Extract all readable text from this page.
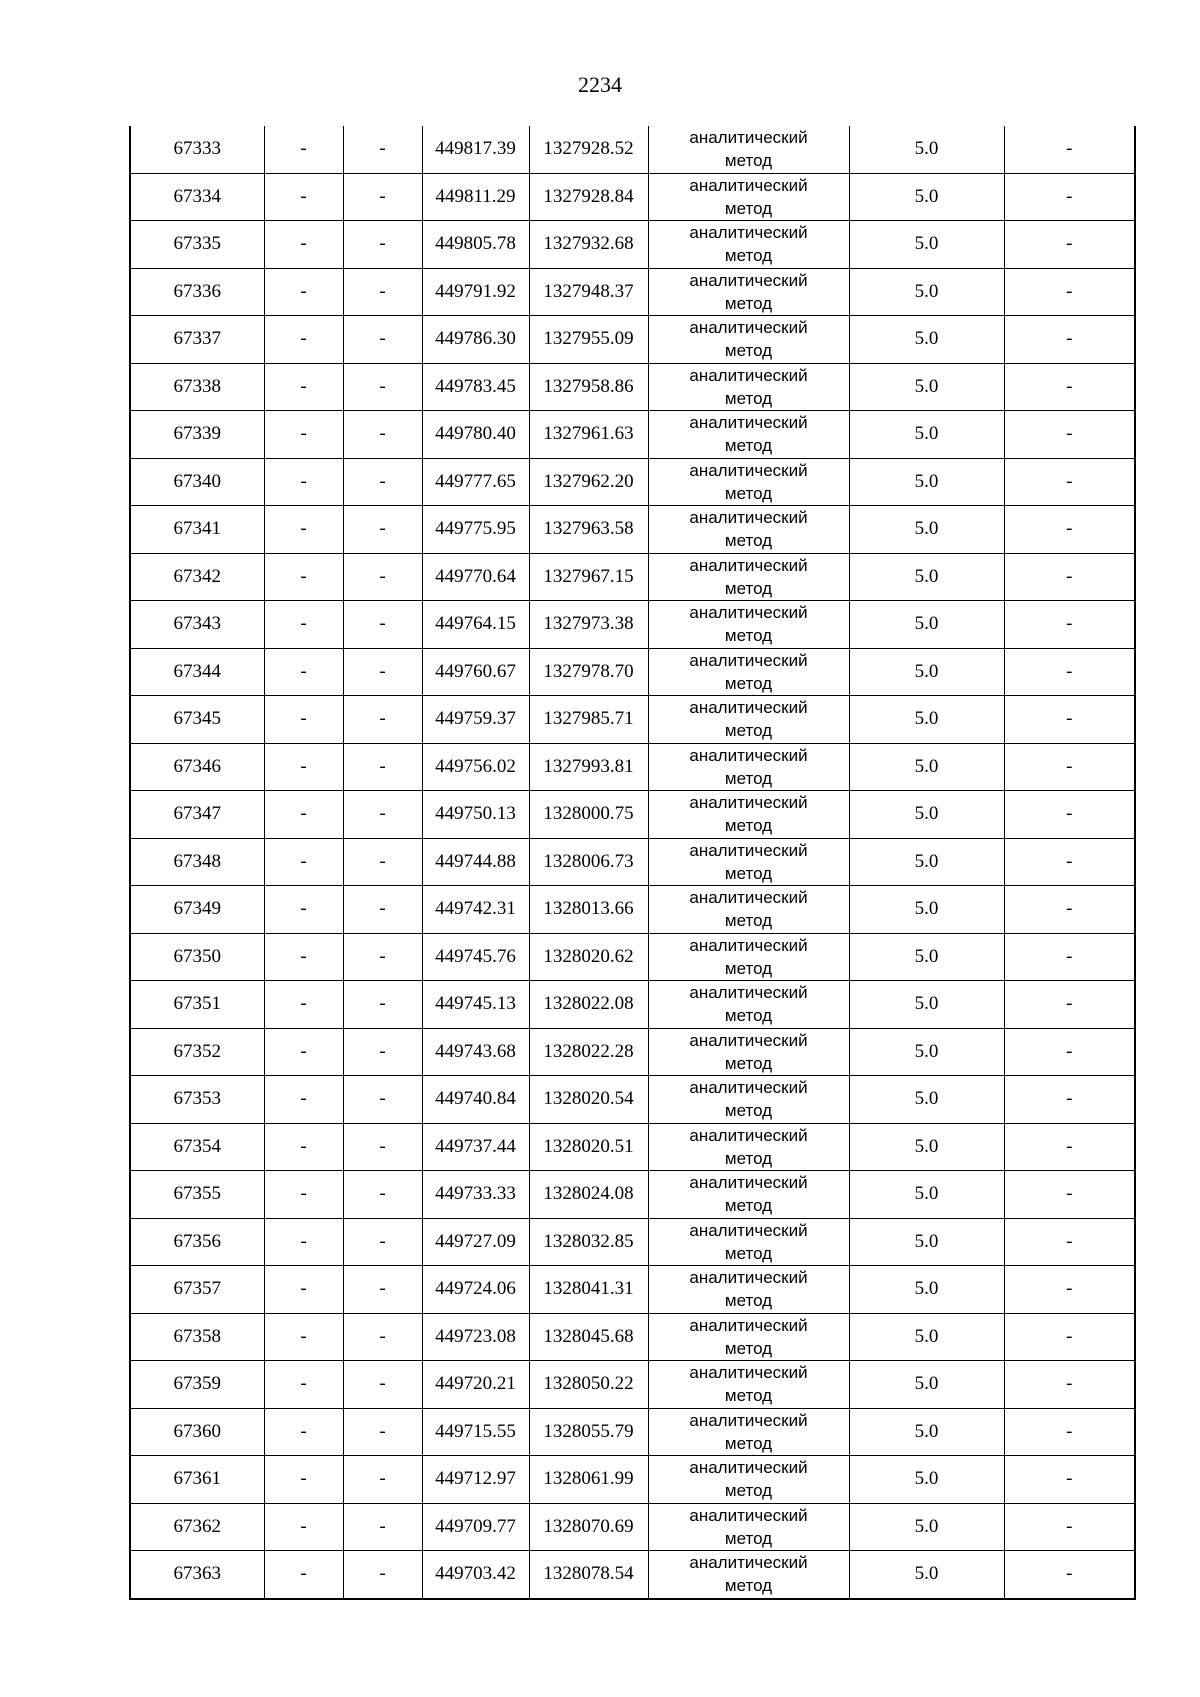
2234
67333	-	-	449817.39	1327928.52	аналитический
метод	5.0	-
67334	-	-	449811.29	1327928.84	аналитический
метод	5.0	-
67335	-	-	449805.78	1327932.68	аналитический
метод	5.0	-
67336	-	-	449791.92	1327948.37	аналитический
метод	5.0	-
67337	-	-	449786.30	1327955.09	аналитический
метод	5.0	-
67338	-	-	449783.45	1327958.86	аналитический
метод	5.0	-
67339	-	-	449780.40	1327961.63	аналитический
метод	5.0	-
67340	-	-	449777.65	1327962.20	аналитический
метод	5.0	-
67341	-	-	449775.95	1327963.58	аналитический
метод	5.0	-
67342	-	-	449770.64	1327967.15	аналитический
метод	5.0	-
67343	-	-	449764.15	1327973.38	аналитический
метод	5.0	-
67344	-	-	449760.67	1327978.70	аналитический
метод	5.0	-
67345	-	-	449759.37	1327985.71	аналитический
метод	5.0	-
67346	-	-	449756.02	1327993.81	аналитический
метод	5.0	-
67347	-	-	449750.13	1328000.75	аналитический
метод	5.0	-
67348	-	-	449744.88	1328006.73	аналитический
метод	5.0	-
67349	-	-	449742.31	1328013.66	аналитический
метод	5.0	-
67350	-	-	449745.76	1328020.62	аналитический
метод	5.0	-
67351	-	-	449745.13	1328022.08	аналитический
метод	5.0	-
67352	-	-	449743.68	1328022.28	аналитический
метод	5.0	-
67353	-	-	449740.84	1328020.54	аналитический
метод	5.0	-
67354	-	-	449737.44	1328020.51	аналитический
метод	5.0	-
67355	-	-	449733.33	1328024.08	аналитический
метод	5.0	-
67356	-	-	449727.09	1328032.85	аналитический
метод	5.0	-
67357	-	-	449724.06	1328041.31	аналитический
метод	5.0	-
67358	-	-	449723.08	1328045.68	аналитический
метод	5.0	-
67359	-	-	449720.21	1328050.22	аналитический
метод	5.0	-
67360	-	-	449715.55	1328055.79	аналитический
метод	5.0	-
67361	-	-	449712.97	1328061.99	аналитический
метод	5.0	-
67362	-	-	449709.77	1328070.69	аналитический
метод	5.0	-
67363	-	-	449703.42	1328078.54	аналитический
метод	5.0	-
